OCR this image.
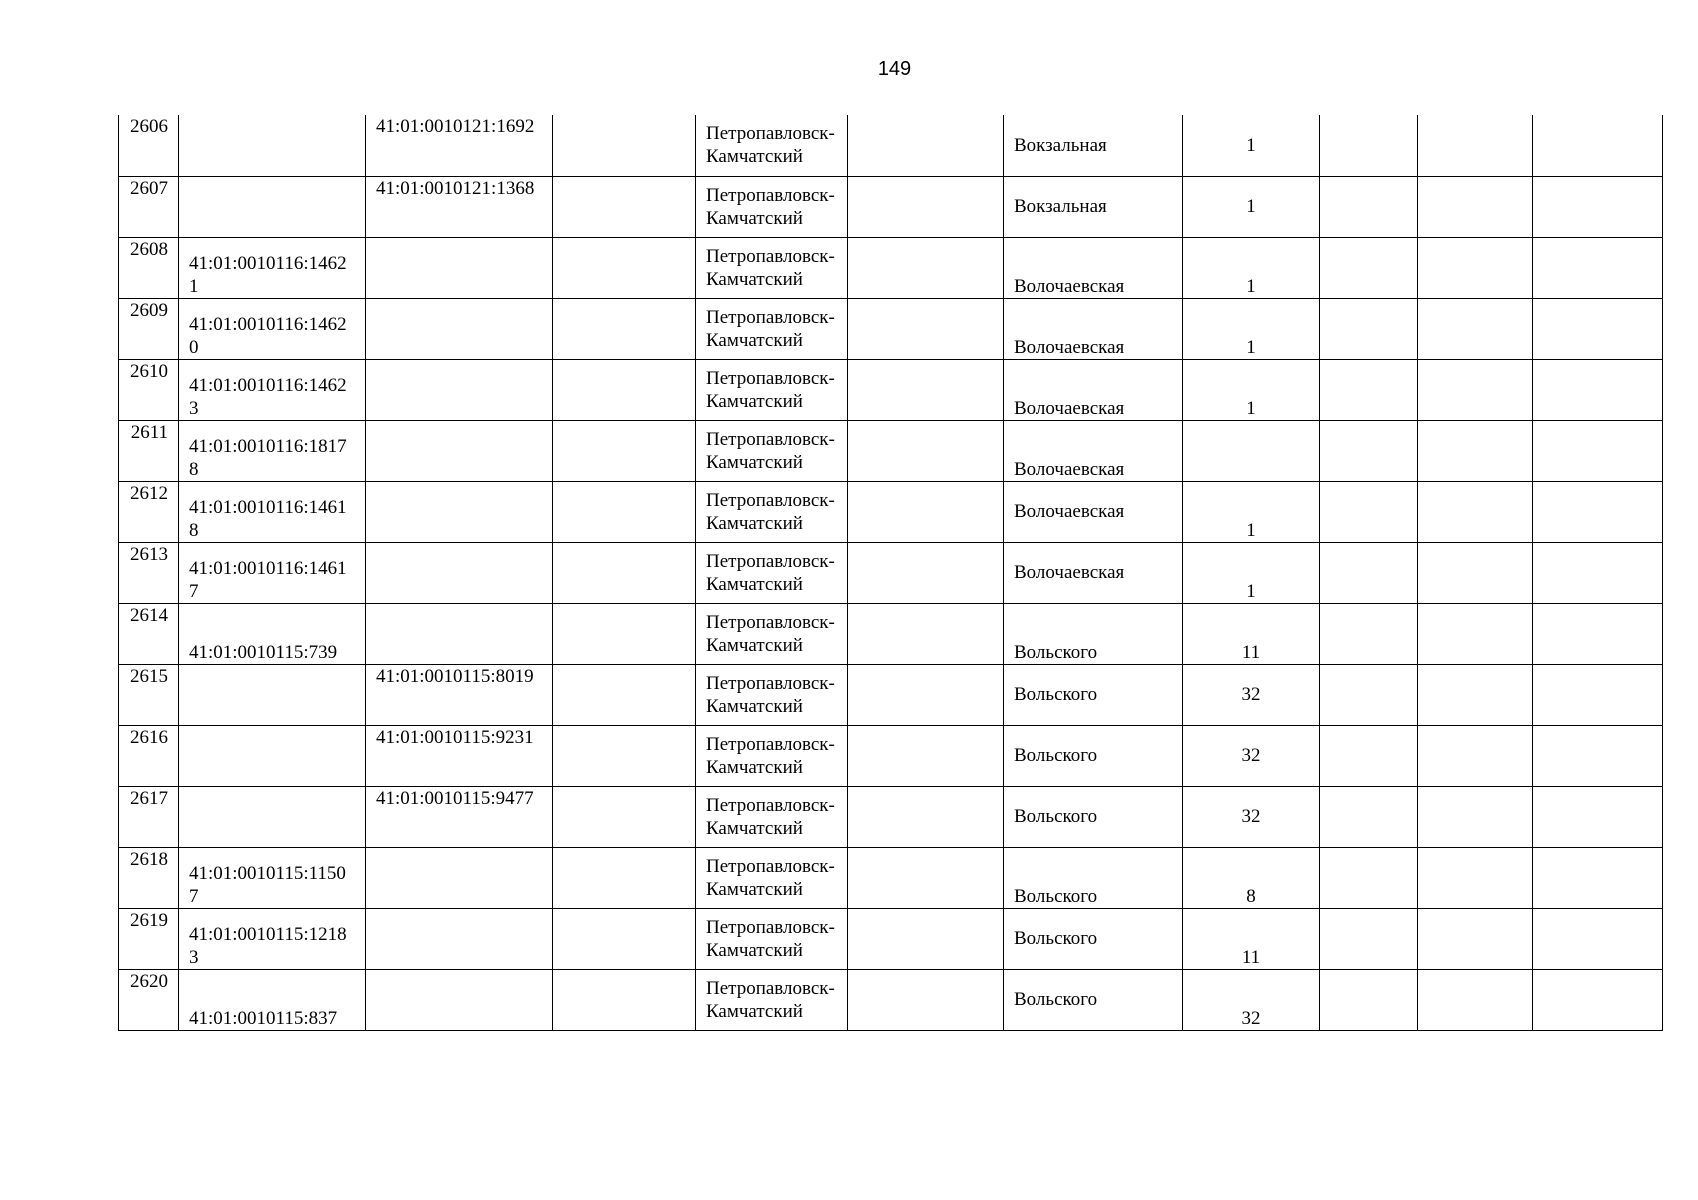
149
2606		41:01:0010121:1692		Петропавловск-Камчатский		Вокзальная	1			
2607		41:01:0010121:1368		Петропавловск-Камчатский		Вокзальная	1			
2608	41:01:0010116:14621			Петропавловск-Камчатский		Волочаевская	1			
2609	41:01:0010116:14620			Петропавловск-Камчатский		Волочаевская	1			
2610	41:01:0010116:14623			Петропавловск-Камчатский		Волочаевская	1			
2611	41:01:0010116:18178			Петропавловск-Камчатский		Волочаевская				
2612	41:01:0010116:14618			Петропавловск-Камчатский		Волочаевская	1			
2613	41:01:0010116:14617			Петропавловск-Камчатский		Волочаевская	1			
2614	41:01:0010115:739			Петропавловск-Камчатский		Вольского	11			
2615		41:01:0010115:8019		Петропавловск-Камчатский		Вольского	32			
2616		41:01:0010115:9231		Петропавловск-Камчатский		Вольского	32			
2617		41:01:0010115:9477		Петропавловск-Камчатский		Вольского	32			
2618	41:01:0010115:11507			Петропавловск-Камчатский		Вольского	8			
2619	41:01:0010115:12183			Петропавловск-Камчатский		Вольского	11			
2620	41:01:0010115:837			Петропавловск-Камчатский		Вольского	32			
